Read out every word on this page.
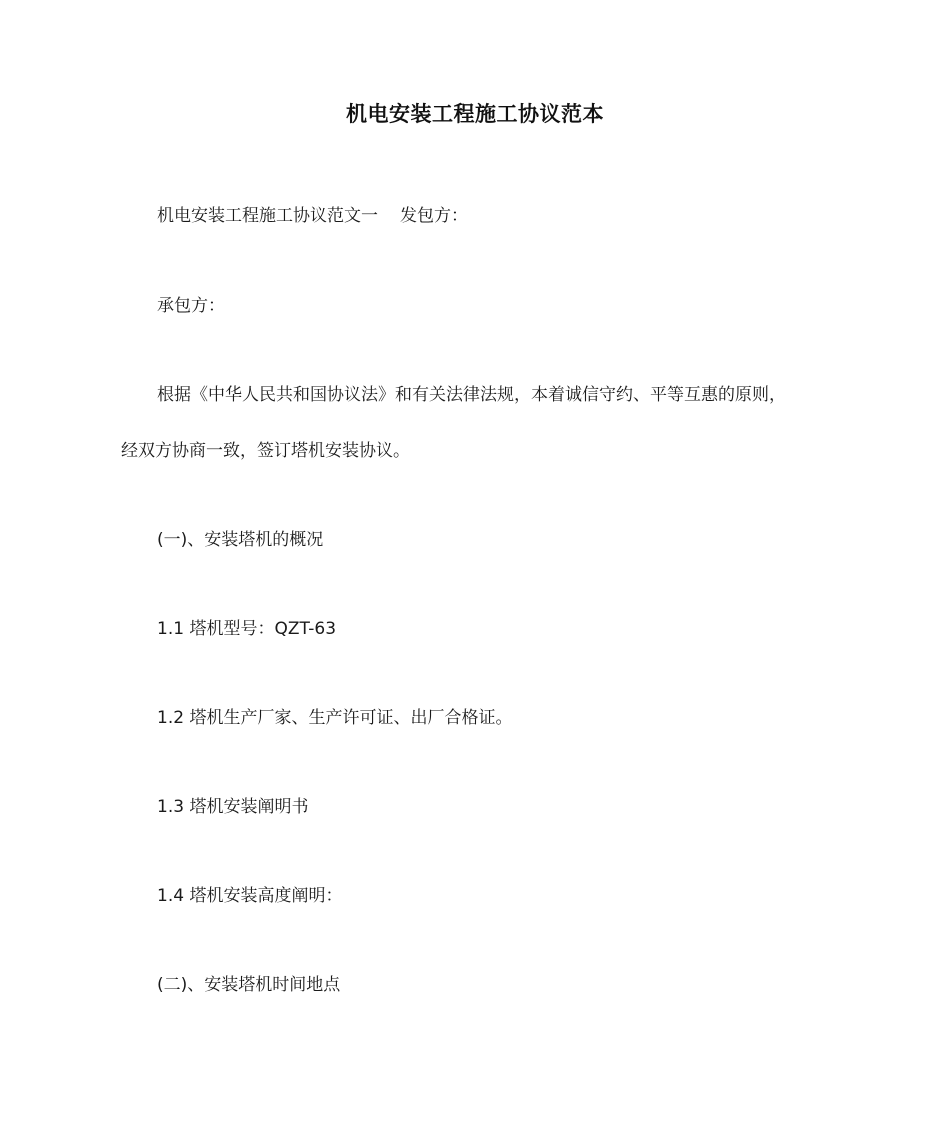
机电安装工程施工协议范本
机电安装工程施工协议范文一 发包方：
承包方：
根据《中华人民共和国协议法》和有关法律法规，本着诚信守约、平等互惠的原则，
经双方协商一致，签订塔机安装协议。
(一)、安装塔机的概况
1.1 塔机型号：QZT-63
1.2 塔机生产厂家、生产许可证、出厂合格证。
1.3 塔机安装阐明书
1.4 塔机安装高度阐明：
(二)、安装塔机时间地点
